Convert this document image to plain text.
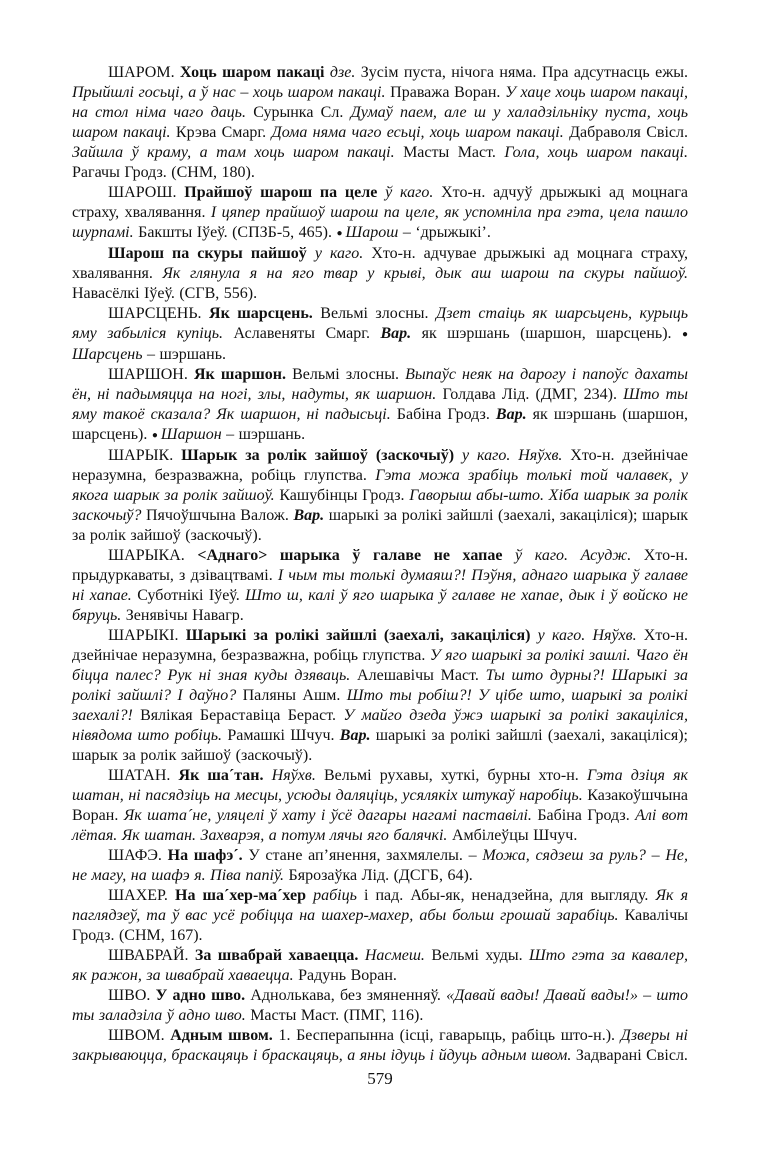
ШАРОМ. Хоць шаром пакаці дзе. Зусім пуста, нічога няма. Пра адсутнасць ежы. Прыйшлі госьці, а ў нас – хоць шаром пакаці. Праважа Воран. У хаце хоць шаром пакаці, на стол німа чаго даць. Сурынка Сл. Думаў паем, але ш у халадзільніку пуста, хоць шаром пакаці. Крэва Смарг. Дома няма чаго есьці, хоць шаром пакаці. Дабраволя Свісл. Зайшла ў краму, а там хоць шаром пакаці. Масты Маст. Гола, хоць шаром пакаці. Рагачы Гродз. (СНМ, 180).

ШАРОШ. Прайшоў шарош па целе ў каго. Хто-н. адчуў дрыжыкі ад моцнага страху, хвалявання. І цяпер прайшоў шарош па целе, як успомніла пра гэта, цела пашло шурпамі. Бакшты Іўеў. (СПЗБ-5, 465). ● Шарош – ‘дрыжыкі’.

Шарош па скуры пайшоў у каго. Хто-н. адчувае дрыжыкі ад моцнага страху, хвалявання. Як глянула я на яго твар у крыві, дык аш шарош па скуры пайшоў. Навасёлкі Іўеў. (СГВ, 556).

ШАРСЦЕНЬ. Як шарсцень. Вельмі злосны. Дзет стаіць як шарсьцень, курыць яму забыліся купіць. Аславеняты Смарг. Вар. як шэршань (шаршон, шарсцень). ● Шарсцень – шэршань.

ШАРШОН. Як шаршон. Вельмі злосны. Выпаўс неяк на дарогу і папоўс дахаты ён, ні падымяцца на ногі, злы, надуты, як шаршон. Голдава Лід. (ДМГ, 234). Што ты яму такоё сказала? Як шаршон, ні падысьці. Бабіна Гродз. Вар. як шэршань (шаршон, шарсцень). ● Шаршон – шэршань.

ШАРЫК. Шарык за ролік зайшоў (заскочыў) у каго. Няўхв. Хто-н. дзейнічае неразумна, безразважна, робіць глупства. Гэта можа зрабіць толькі той чалавек, у якога шарык за ролік зайшоў. Кашубінцы Гродз. Гаворыш абы-што. Хіба шарык за ролік заскочыў? Пячоўшчына Валож. Вар. шарыкі за ролікі зайшлі (заехалі, закаціліся); шарык за ролік зайшоў (заскочыў).

ШАРЫКА. <Аднаго> шарыка ў галаве не хапае ў каго. Асудж. Хто-н. прыдуркаваты, з дзівацтвамі. І чым ты толькі думаяш?! Пэўня, аднаго шарыка ў галаве ні хапае. Суботнікі Іўеў. Што ш, калі ў яго шарыка ў галаве не хапае, дык і ў войско не бяруць. Зенявічы Навагр.

ШАРЫКІ. Шарыкі за ролікі зайшлі (заехалі, закаціліся) у каго. Няўхв. Хто-н. дзейнічае неразумна, безразважна, робіць глупства. У яго шарыкі за ролікі зашлі. Чаго ён біцца палес? Рук ні зная куды дзяваць. Алешавічы Маст. Ты што дурны?! Шарыкі за ролікі зайшлі? І даўно? Паляны Ашм. Што ты робіш?! У цібе што, шарыкі за ролікі заехалі?! Вялікая Бераставіца Бераст. У майго дзеда ўжэ шарыкі за ролікі закаціліся, нівядома што робіць. Рамашкі Шчуч. Вар. шарыкі за ролікі зайшлі (заехалі, закаціліся); шарык за ролік зайшоў (заскочыў).

ШАТАН. Як ша´тан. Няўхв. Вельмі рухавы, хуткі, бурны хто-н. Гэта дзіця як шатан, ні пасядзіць на месцы, усюды даляціць, усялякіх штукаў наробіць. Казакоўшчына Воран. Як шата´не, уляцелі ў хату і ўсё дагары нагамі паставілі. Бабіна Гродз. Алі вот лётая. Як шатан. Захварэя, а потум лячы яго балячкі. Амбілеўцы Шчуч.

ШАФЭ. На шафэ´. У стане ап’янення, захмялелы. – Можа, сядзеш за руль? – Не, не магу, на шафэ я. Піва папіў. Бярозаўка Лід. (ДСГБ, 64).

ШАХЕР. На ша´хер-ма´хер рабіць і пад. Абы-як, ненадзейна, для выгляду. Як я паглядзеў, та ў вас усё робіцца на шахер-махер, абы больш грошай зарабіць. Кавалічы Гродз. (СНМ, 167).

ШВАБРАЙ. За швабрай хаваецца. Насмеш. Вельмі худы. Што гэта за кавалер, як ражон, за швабрай хаваецца. Радунь Воран.

ШВО. У адно шво. Аднолькава, без змяненняў. «Давай вады! Давай вады!» – што ты заладзіла ў адно шво. Масты Маст. (ПМГ, 116).

ШВОМ. Адным швом. 1. Бесперапынна (ісці, гаварыць, рабіць што-н.). Дзверы ні закрываюцца, браскацяць і браскацяць, а яны ідуць і йдуць адным швом. Задварані Свісл.

579
